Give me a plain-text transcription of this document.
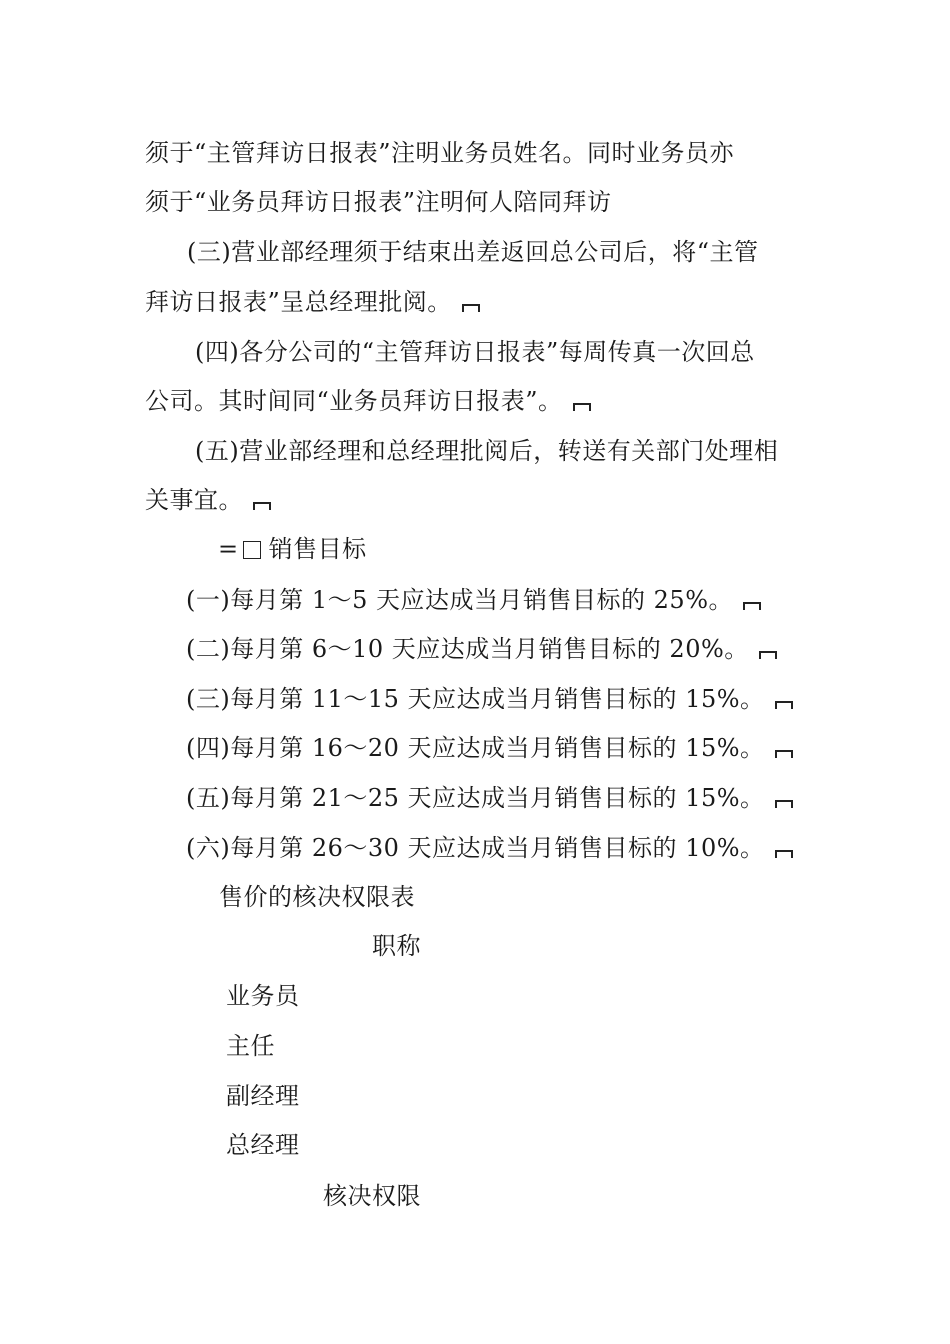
须于“主管拜访日报表”注明业务员姓名。同时业务员亦
须于“业务员拜访日报表”注明何人陪同拜访
(三)营业部经理须于结束出差返回总公司后，将“主管
拜访日报表”呈总经理批阅。
(四)各分公司的“主管拜访日报表”每周传真一次回总
公司。其时间同“业务员拜访日报表”。
(五)营业部经理和总经理批阅后，转送有关部门处理相
关事宜。
= 销售目标
(一)每月第 1～5 天应达成当月销售目标的 25%。
(二)每月第 6～10 天应达成当月销售目标的 20%。
(三)每月第 11～15 天应达成当月销售目标的 15%。
(四)每月第 16～20 天应达成当月销售目标的 15%。
(五)每月第 21～25 天应达成当月销售目标的 15%。
(六)每月第 26～30 天应达成当月销售目标的 10%。
售价的核决权限表
职称
业务员
主任
副经理
总经理
核决权限
